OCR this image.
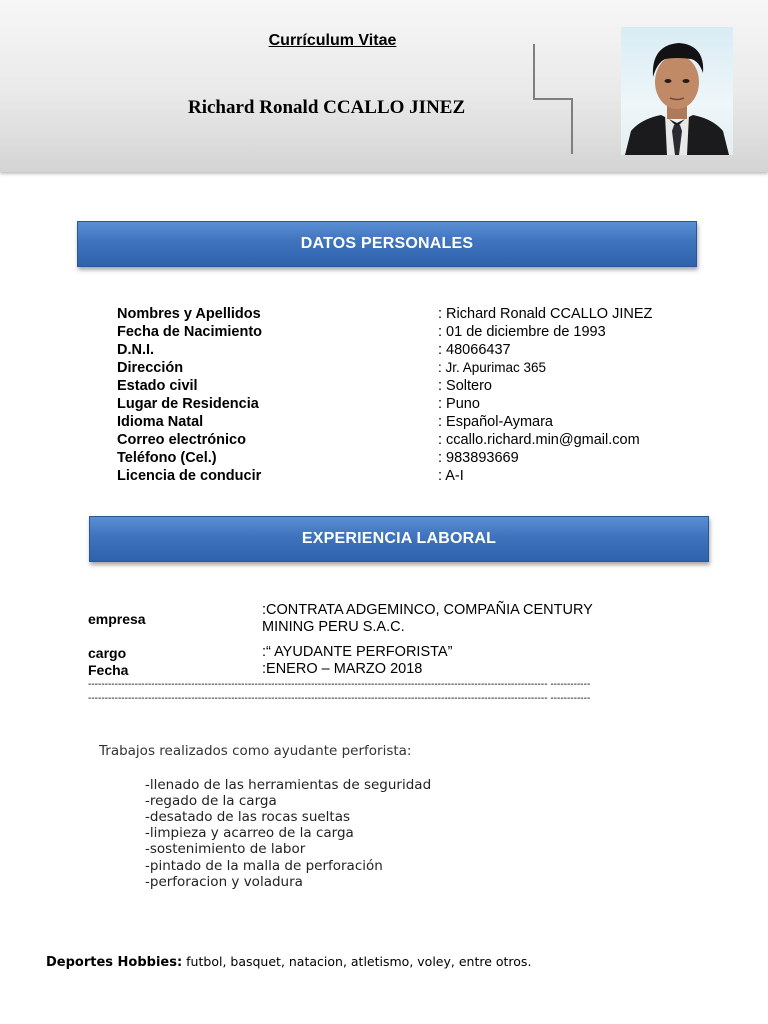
Currículum Vitae
Richard Ronald CCALLO JINEZ
DATOS PERSONALES
Nombres y Apellidos	: Richard Ronald CCALLO JINEZ
Fecha de Nacimiento	: 01 de diciembre de 1993
D.N.I.	: 48066437
Dirección	: Jr. Apurimac 365
Estado civil	: Soltero
Lugar de Residencia	: Puno
Idioma Natal	: Español-Aymara
Correo electrónico	: ccallo.richard.min@gmail.com
Teléfono (Cel.)	: 983893669
Licencia de conducir	: A-I
EXPERIENCIA LABORAL
empresa
:CONTRATA ADGEMINCO, COMPAÑIA CENTURY
MINING PERU S.A.C.
cargo	:“ AYUDANTE PERFORISTA”
Fecha	:ENERO – MARZO 2018
------------------------------------------------------------------------------------------------------------------------------------------ ------------
------------------------------------------------------------------------------------------------------------------------------------------ ------------
Trabajos realizados como ayudante perforista:
-llenado de las herramientas de seguridad
-regado de la carga
-desatado de las rocas sueltas
-limpieza y acarreo de la carga
-sostenimiento de labor
-pintado de la malla de perforación
-perforacion y voladura
Deportes Hobbies: futbol, basquet, natacion, atletismo, voley, entre otros.
